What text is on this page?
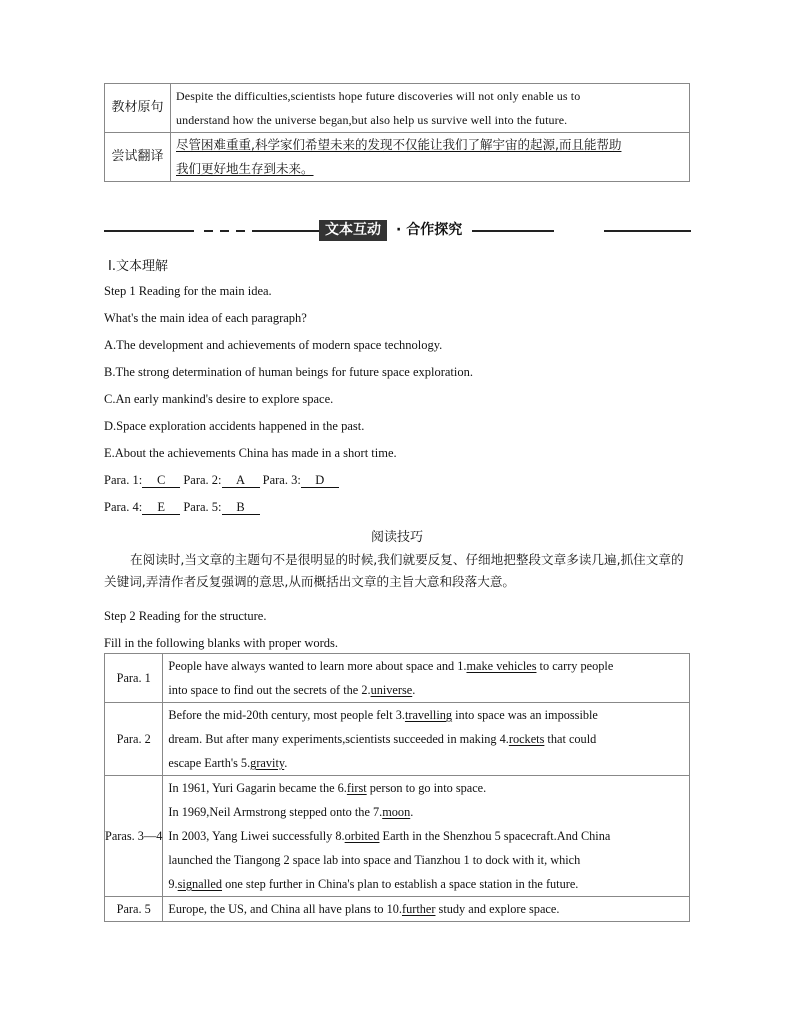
教材原句	Despite the difficulties,scientists hope future discoveries will not only enable us to
understand how the universe began,but also help us survive well into the future.

尝试翻译	尽管困难重重,科学家们希望未来的发现不仅能让我们了解宇宙的起源,而且能帮助
我们更好地生存到未来。
文本互动	· 合作探究
Ⅰ.文本理解
Step 1 Reading for the main idea.
What's the main idea of each paragraph?
A.The development and achievements of modern space technology.
B.The strong determination of human beings for future space exploration.
C.An early mankind's desire to explore space.
D.Space exploration accidents happened in the past.
E.About the achievements China has made in a short time.
Para. 1: C Para. 2: A Para. 3: D
Para. 4: E Para. 5: B
阅读技巧
在阅读时,当文章的主题句不是很明显的时候,我们就要反复、仔细地把整段文章多读几遍,抓住文章的关键词,弄清作者反复强调的意思,从而概括出文章的主旨大意和段落大意。
Step 2 Reading for the structure.
Fill in the following blanks with proper words.
Para. 1	People have always wanted to learn more about space and 1.make vehicles to carry people
into space to find out the secrets of the 2.universe.

Para. 2	Before the mid-20th century, most people felt 3.travelling into space was an impossible
dream. But after many experiments,scientists succeeded in making 4.rockets that could
escape Earth's 5.gravity.

Paras. 3—4	In 1961, Yuri Gagarin became the 6.first person to go into space.
In 1969,Neil Armstrong stepped onto the 7.moon.
In 2003, Yang Liwei successfully 8.orbited Earth in the Shenzhou 5 spacecraft.And China
launched the Tiangong 2 space lab into space and Tianzhou 1 to dock with it, which
9.signalled one step further in China's plan to establish a space station in the future.

Para. 5	Europe, the US, and China all have plans to 10.further study and explore space.
